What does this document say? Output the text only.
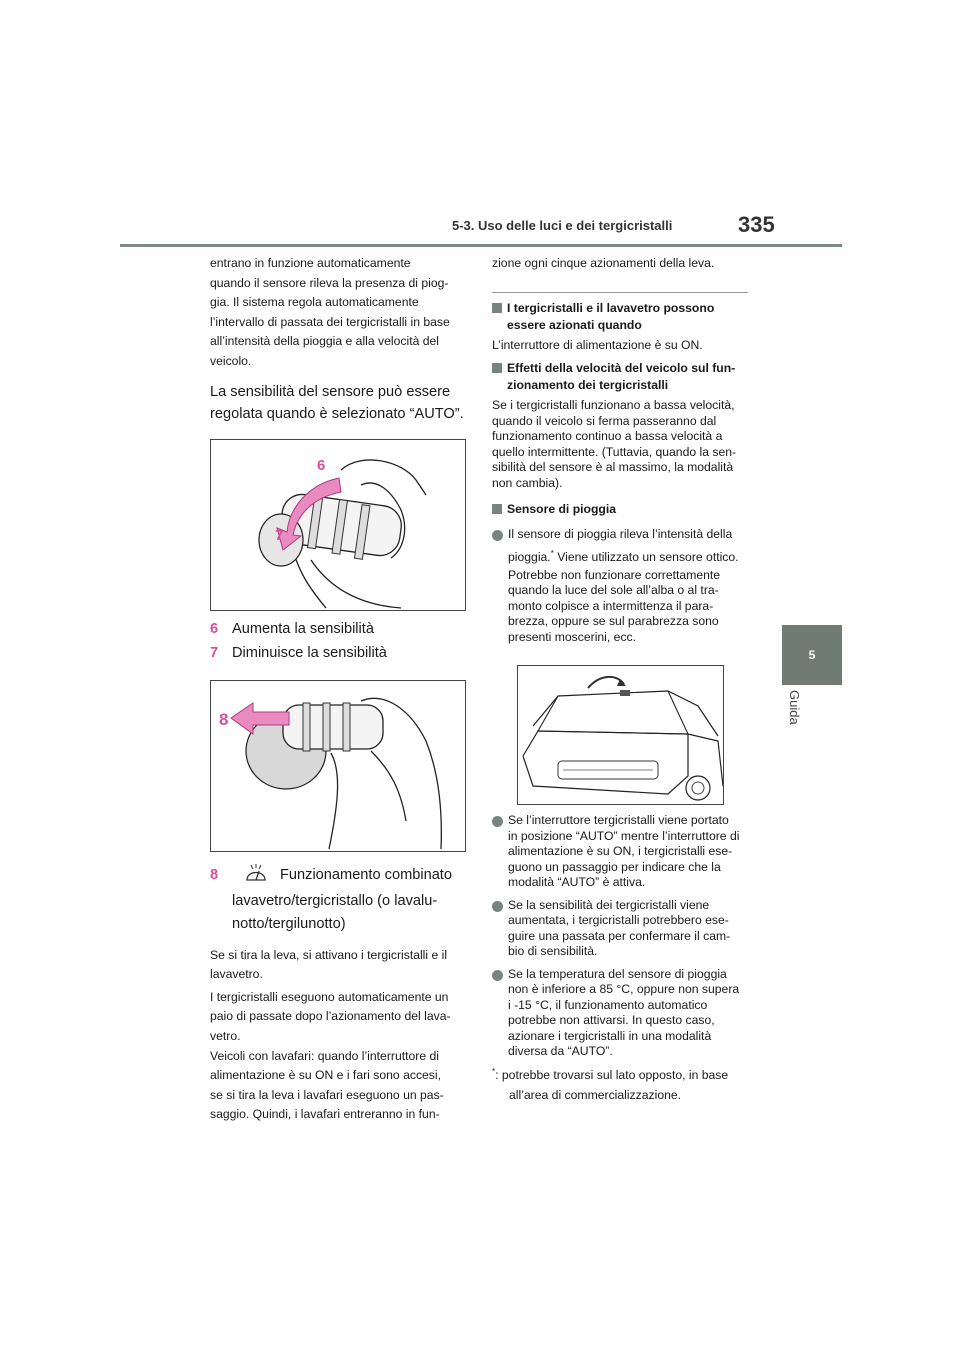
5-3. Uso delle luci e dei tergicristalli	335
5
Guida

entrano in funzione automaticamente

quando il sensore rileva la presenza di piog-

gia. Il sistema regola automaticamente

l’intervallo di passata dei tergicristalli in base

all’intensità della pioggia e alla velocità del

veicolo.

La sensibilità del sensore può essere

regolata quando è selezionato “AUTO”.

6
7
6 Aumenta la sensibilità
7 Diminuisce la sensibilità
8
8	Funzionamento combinato
lavavetro/tergicristallo (o lavalu-
notto/tergilunotto)

Se si tira la leva, si attivano i tergicristalli e il

lavavetro.

I tergicristalli eseguono automaticamente un

paio di passate dopo l’azionamento del lava-

vetro.

Veicoli con lavafari: quando l’interruttore di

alimentazione è su ON e i fari sono accesi,

se si tira la leva i lavafari eseguono un pas-

saggio. Quindi, i lavafari entreranno in fun-

zione ogni cinque azionamenti della leva.

I tergicristalli e il lavavetro possono
essere azionati quando
L’interruttore di alimentazione è su ON.
Effetti della velocità del veicolo sul fun-
zionamento dei tergicristalli
Se i tergicristalli funzionano a bassa velocità,
quando il veicolo si ferma passeranno dal
funzionamento continuo a bassa velocità a
quello intermittente. (Tuttavia, quando la sen-
sibilità del sensore è al massimo, la modalità
non cambia).
Sensore di pioggia
Il sensore di pioggia rileva l’intensità della
pioggia.* Viene utilizzato un sensore ottico.
Potrebbe non funzionare correttamente
quando la luce del sole all’alba o al tra-
monto colpisce a intermittenza il para-
brezza, oppure se sul parabrezza sono
presenti moscerini, ecc.
Se l’interruttore tergicristalli viene portato
in posizione “AUTO” mentre l’interruttore di
alimentazione è su ON, i tergicristalli ese-
guono un passaggio per indicare che la
modalità “AUTO” è attiva.
Se la sensibilità dei tergicristalli viene
aumentata, i tergicristalli potrebbero ese-
guire una passata per confermare il cam-
bio di sensibilità.
Se la temperatura del sensore di pioggia
non è inferiore a 85 °C, oppure non supera
i -15 °C, il funzionamento automatico
potrebbe non attivarsi. In questo caso,
azionare i tergicristalli in una modalità
diversa da “AUTO”.
*: potrebbe trovarsi sul lato opposto, in base
all’area di commercializzazione.
